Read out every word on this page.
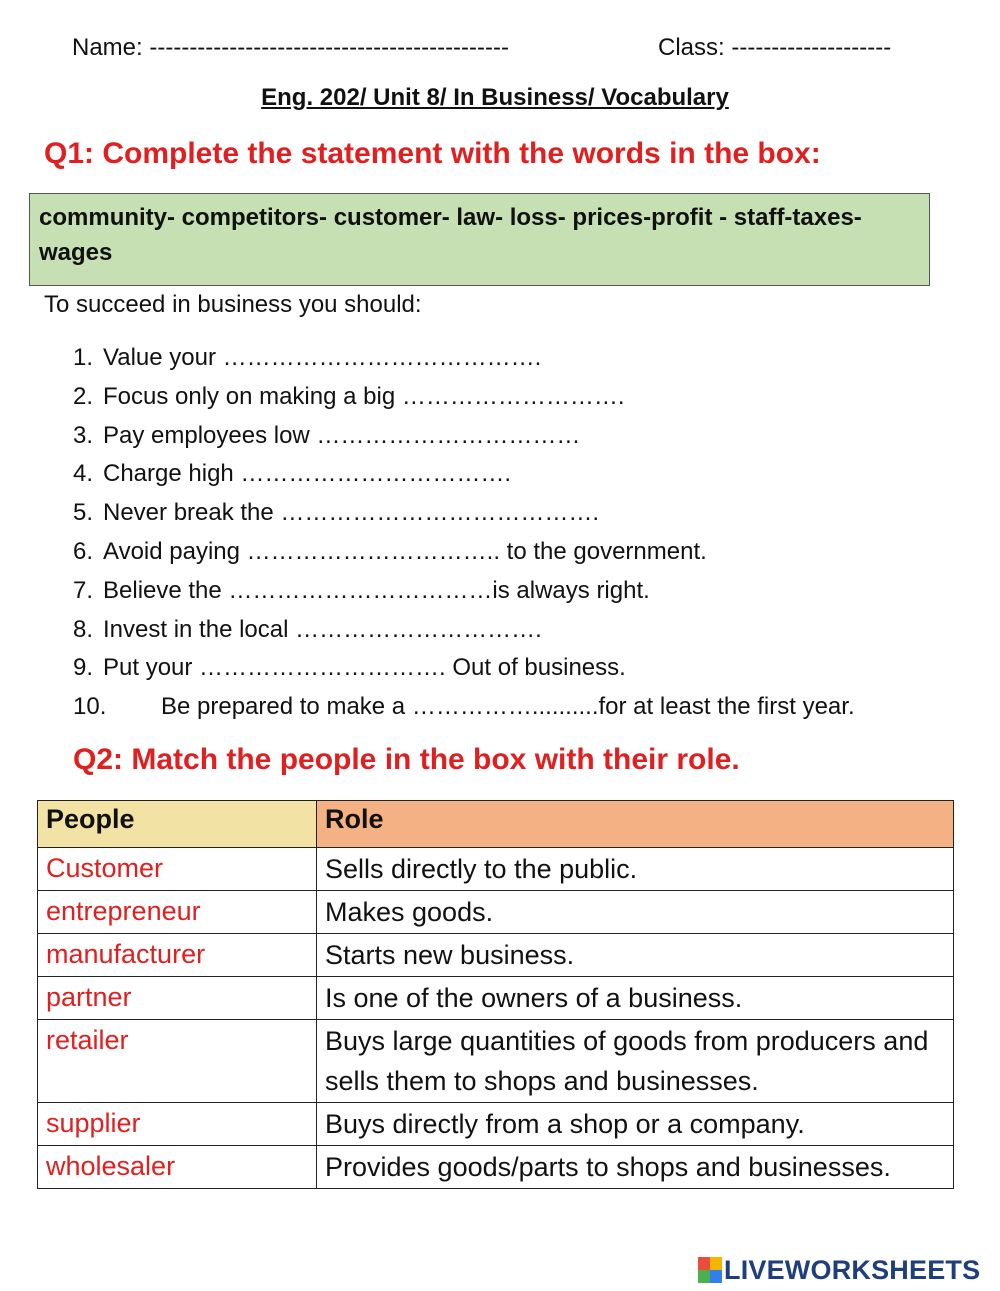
Name: ---------------------------------------------	Class: --------------------
Eng. 202/ Unit 8/ In Business/ Vocabulary
Q1: Complete the statement with the words in the box:
community- competitors- customer- law- loss- prices-profit - staff-taxes-wages
To succeed in business you should:
1. Value your ………………………………….
2. Focus only on making a big ……………………….
3. Pay employees low ……………………………
4. Charge high …………………………….
5. Never break the ………………………………….
6. Avoid paying ………………………….. to the government.
7. Believe the ……………………………is always right.
8. Invest in the local ………………………….
9. Put your …………………………. Out of business.
10. Be prepared to make a ……………..........for at least the first year.
Q2: Match the people in the box with their role.
People	Role
Customer	Sells directly to the public.
entrepreneur	Makes goods.
manufacturer	Starts new business.
partner	Is one of the owners of a business.
retailer	Buys large quantities of goods from producers and sells them to shops and businesses.
supplier	Buys directly from a shop or a company.
wholesaler	Provides goods/parts to shops and businesses.
LIVEWORKSHEETS
